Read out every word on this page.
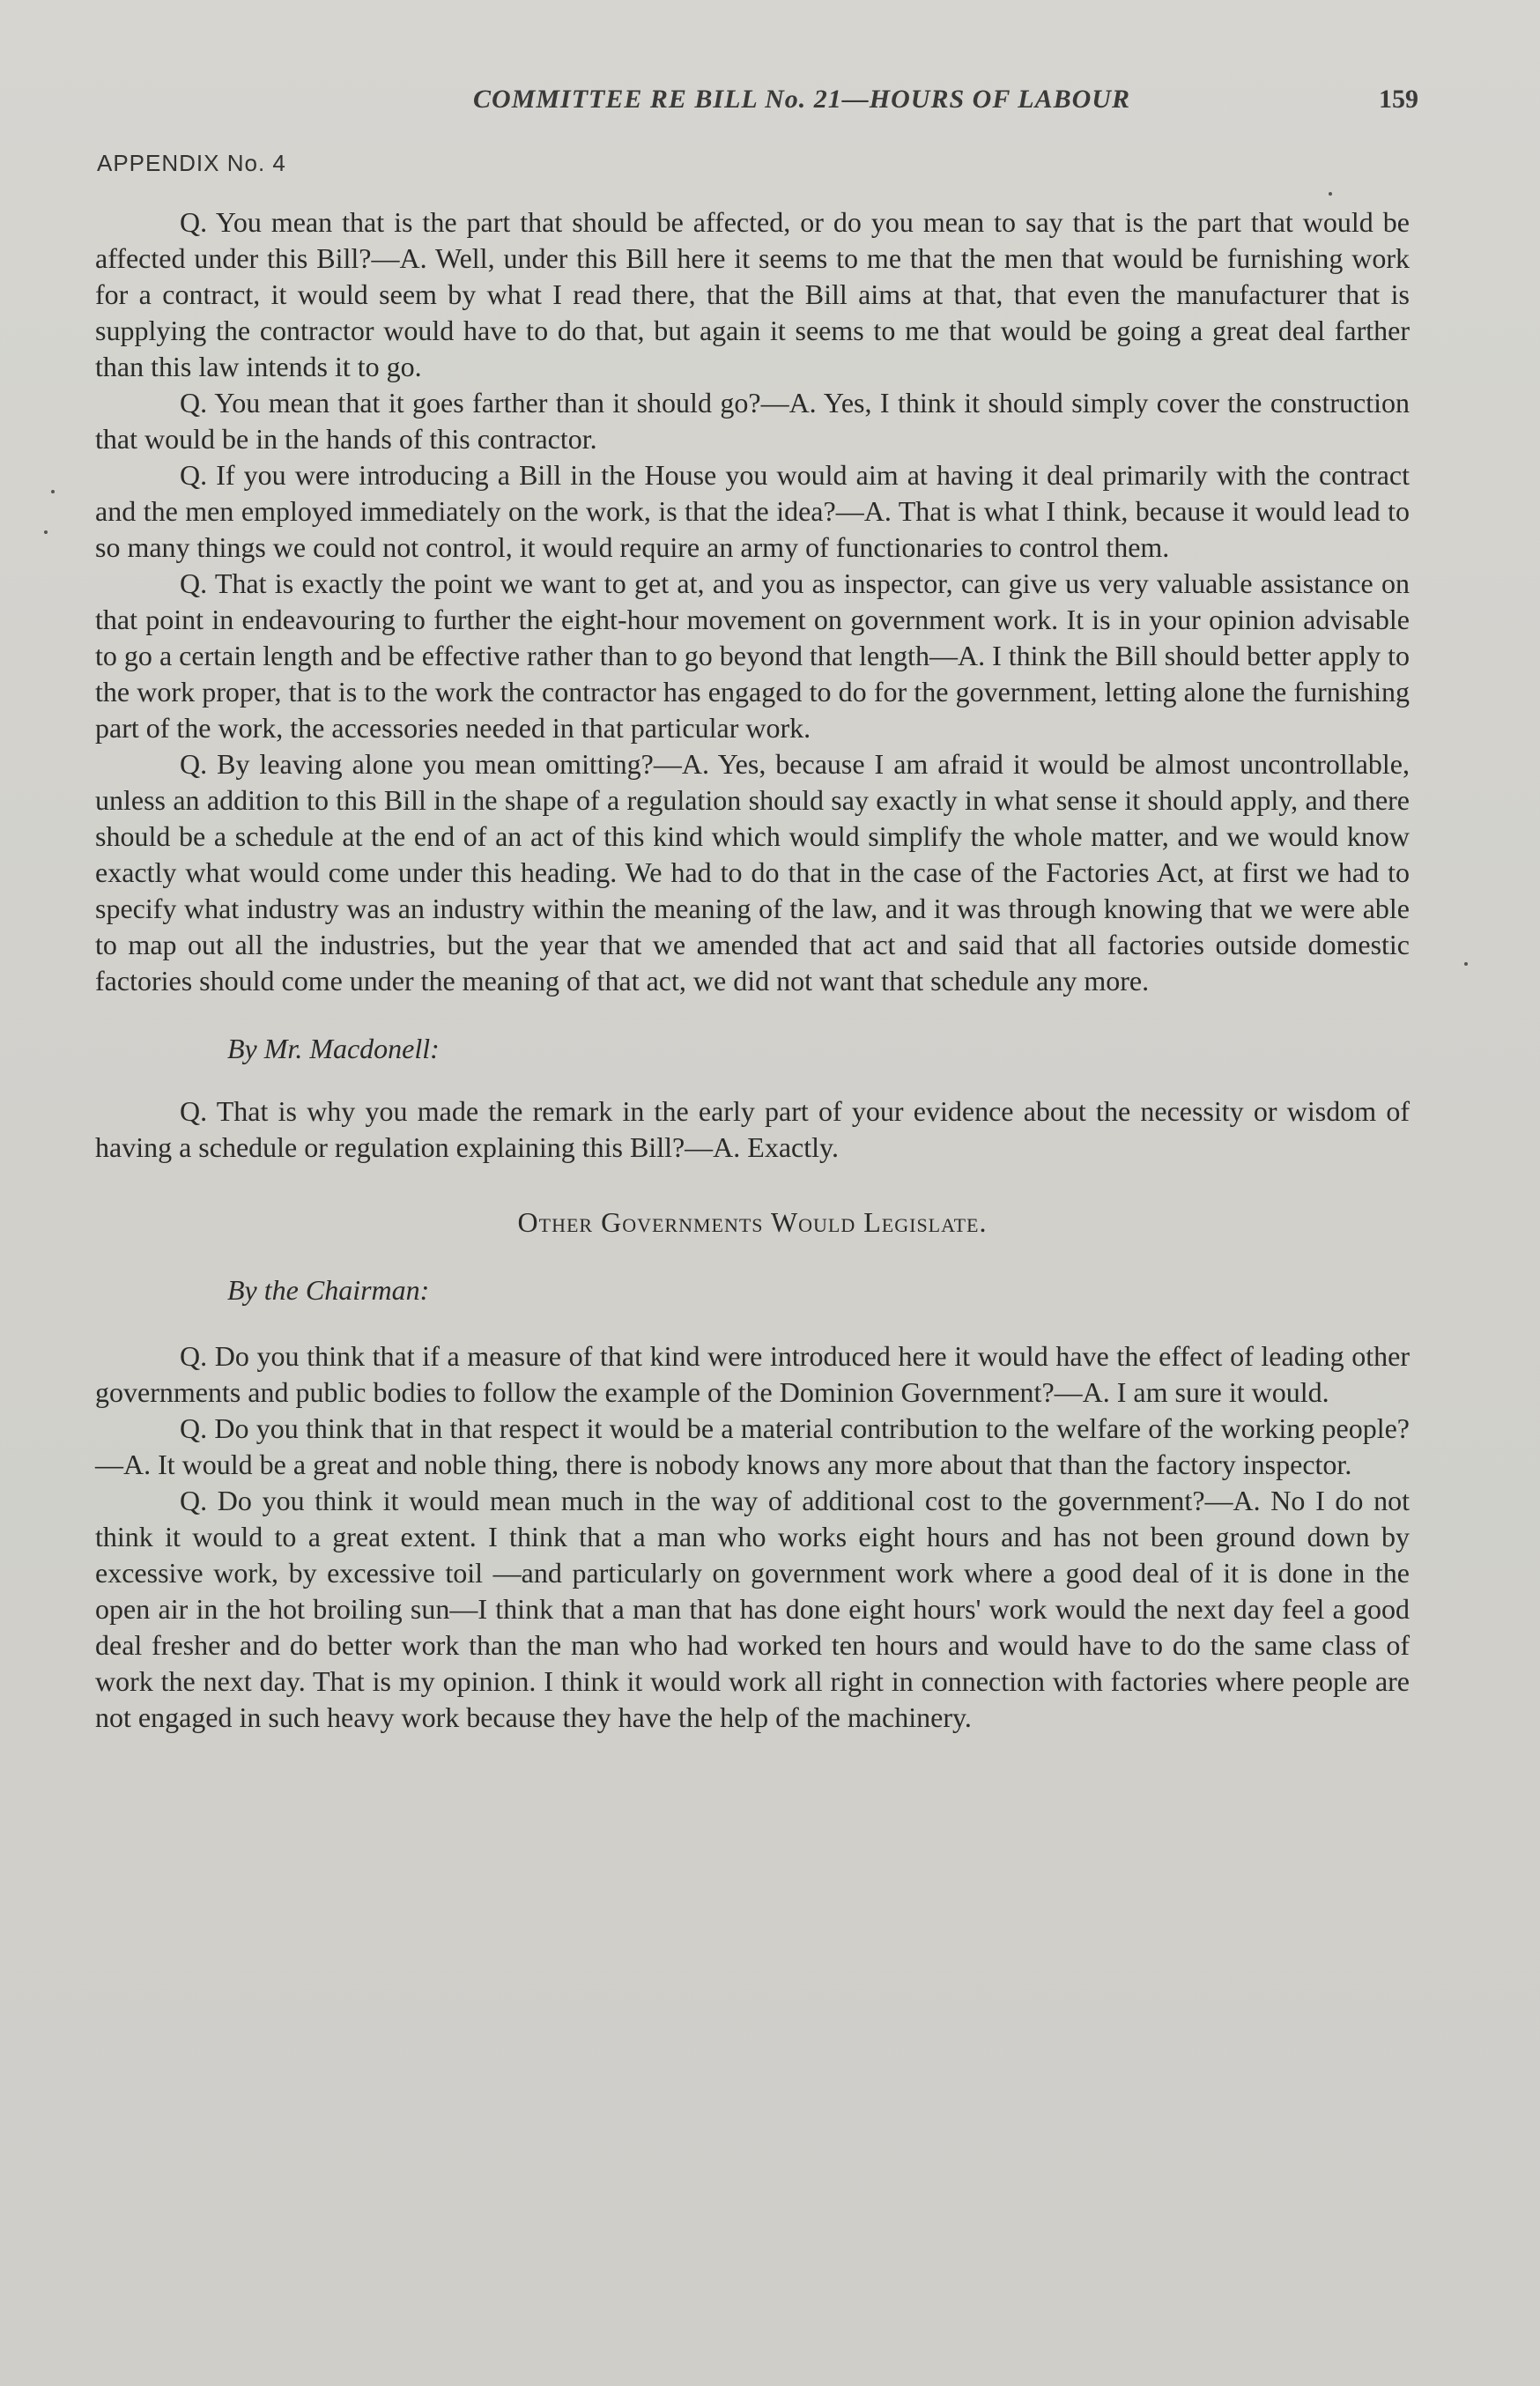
COMMITTEE RE BILL No. 21—HOURS OF LABOUR	159
APPENDIX No. 4

Q. You mean that is the part that should be affected, or do you mean to say that is the part that would be affected under this Bill?—A. Well, under this Bill here it seems to me that the men that would be furnishing work for a contract, it would seem by what I read there, that the Bill aims at that, that even the manufacturer that is supplying the contractor would have to do that, but again it seems to me that would be going a great deal farther than this law intends it to go.

Q. You mean that it goes farther than it should go?—A. Yes, I think it should simply cover the construction that would be in the hands of this contractor.

Q. If you were introducing a Bill in the House you would aim at having it deal primarily with the contract and the men employed immediately on the work, is that the idea?—A. That is what I think, because it would lead to so many things we could not control, it would require an army of functionaries to control them.

Q. That is exactly the point we want to get at, and you as inspector, can give us very valuable assistance on that point in endeavouring to further the eight-hour movement on government work. It is in your opinion advisable to go a certain length and be effective rather than to go beyond that length—A. I think the Bill should better apply to the work proper, that is to the work the contractor has engaged to do for the government, letting alone the furnishing part of the work, the accessories needed in that particular work.

Q. By leaving alone you mean omitting?—A. Yes, because I am afraid it would be almost uncontrollable, unless an addition to this Bill in the shape of a regulation should say exactly in what sense it should apply, and there should be a schedule at the end of an act of this kind which would simplify the whole matter, and we would know exactly what would come under this heading. We had to do that in the case of the Factories Act, at first we had to specify what industry was an industry within the meaning of the law, and it was through knowing that we were able to map out all the industries, but the year that we amended that act and said that all factories outside domestic factories should come under the meaning of that act, we did not want that schedule any more.

By Mr. Macdonell:

Q. That is why you made the remark in the early part of your evidence about the necessity or wisdom of having a schedule or regulation explaining this Bill?—A. Exactly.

Other Governments Would Legislate.
By the Chairman:

Q. Do you think that if a measure of that kind were introduced here it would have the effect of leading other governments and public bodies to follow the example of the Dominion Government?—A. I am sure it would.

Q. Do you think that in that respect it would be a material contribution to the welfare of the working people?—A. It would be a great and noble thing, there is nobody knows any more about that than the factory inspector.

Q. Do you think it would mean much in the way of additional cost to the government?—A. No I do not think it would to a great extent. I think that a man who works eight hours and has not been ground down by excessive work, by excessive toil —and particularly on government work where a good deal of it is done in the open air in the hot broiling sun—I think that a man that has done eight hours' work would the next day feel a good deal fresher and do better work than the man who had worked ten hours and would have to do the same class of work the next day. That is my opinion. I think it would work all right in connection with factories where people are not engaged in such heavy work because they have the help of the machinery.
